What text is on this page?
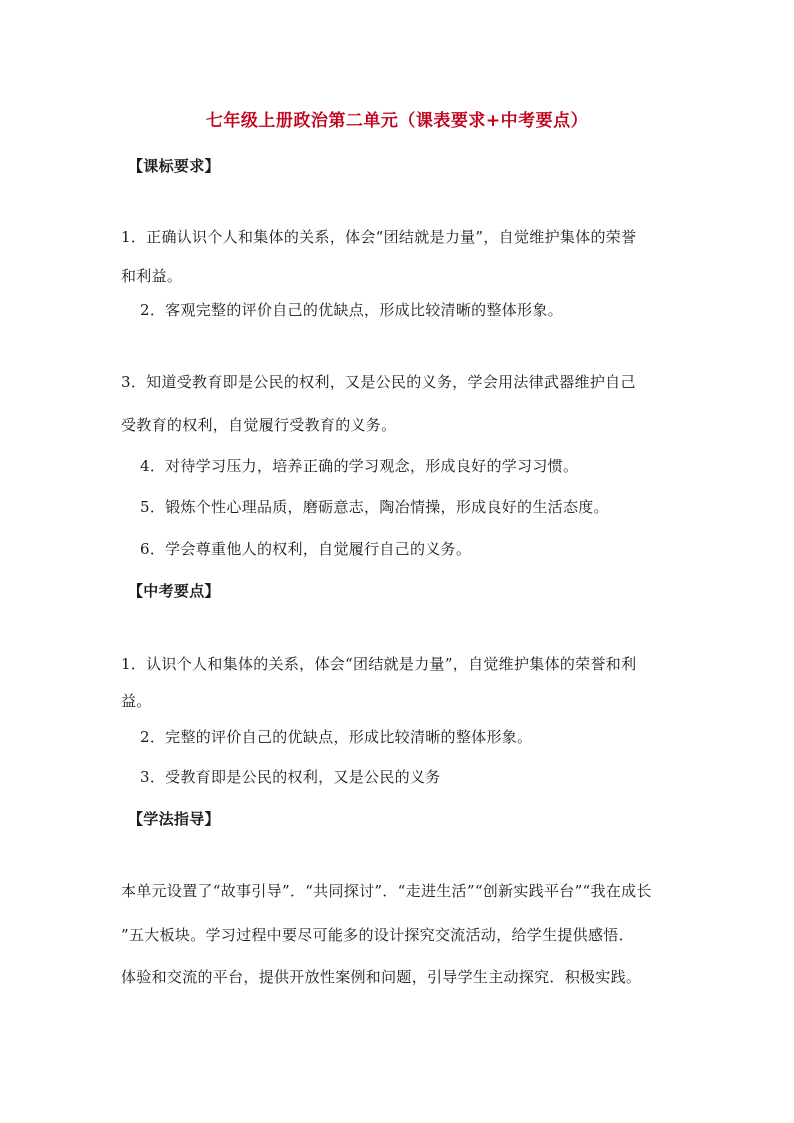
七年级上册政治第二单元（课表要求+中考要点）
【课标要求】
1．正确认识个人和集体的关系，体会“团结就是力量”，自觉维护集体的荣誉
和利益。
2．客观完整的评价自己的优缺点，形成比较清晰的整体形象。
3．知道受教育即是公民的权利，又是公民的义务，学会用法律武器维护自己
受教育的权利，自觉履行受教育的义务。
4．对待学习压力，培养正确的学习观念，形成良好的学习习惯。
5．锻炼个性心理品质，磨砺意志，陶冶情操，形成良好的生活态度。
6．学会尊重他人的权利，自觉履行自己的义务。
【中考要点】
1．认识个人和集体的关系，体会“团结就是力量”，自觉维护集体的荣誉和利
益。
2．完整的评价自己的优缺点，形成比较清晰的整体形象。
3．受教育即是公民的权利，又是公民的义务
【学法指导】
本单元设置了“故事引导”．“共同探讨”．“走进生活”“创新实践平台”“我在成长
”五大板块。学习过程中要尽可能多的设计探究交流活动，给学生提供感悟．
体验和交流的平台，提供开放性案例和问题，引导学生主动探究．积极实践。
